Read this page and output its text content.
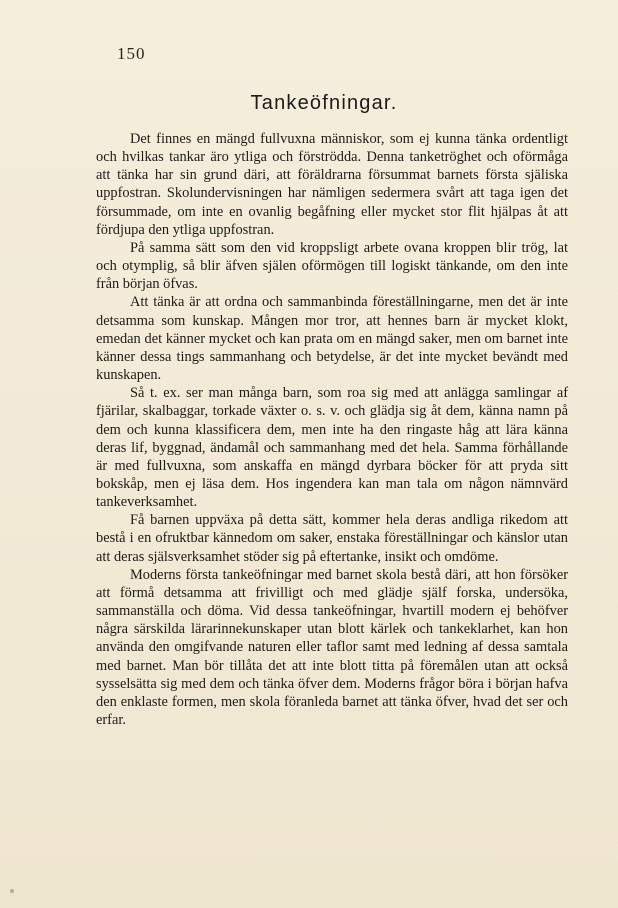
150
Tankeöfningar.

Det finnes en mängd fullvuxna människor, som ej kunna tänka ordentligt och hvilkas tankar äro ytliga och förströdda. Denna tanketröghet och oförmåga att tänka har sin grund däri, att föräldrarna försummat barnets första själiska uppfostran. Skolundervisningen har nämligen sedermera svårt att taga igen det försummade, om inte en ovanlig begåfning eller mycket stor flit hjälpas åt att fördjupa den ytliga uppfostran.

På samma sätt som den vid kroppsligt arbete ovana kroppen blir trög, lat och otymplig, så blir äfven själen oförmögen till logiskt tänkande, om den inte från början öfvas.

Att tänka är att ordna och sammanbinda föreställningarne, men det är inte detsamma som kunskap. Mången mor tror, att hennes barn är mycket klokt, emedan det känner mycket och kan prata om en mängd saker, men om barnet inte känner dessa tings sammanhang och betydelse, är det inte mycket bevändt med kunskapen.

Så t. ex. ser man många barn, som roa sig med att anlägga samlingar af fjärilar, skalbaggar, torkade växter o. s. v. och glädja sig åt dem, känna namn på dem och kunna klassificera dem, men inte ha den ringaste håg att lära känna deras lif, byggnad, ändamål och sammanhang med det hela. Samma förhållande är med fullvuxna, som anskaffa en mängd dyrbara böcker för att pryda sitt bokskåp, men ej läsa dem. Hos ingendera kan man tala om någon nämnvärd tankeverksamhet.

Få barnen uppväxa på detta sätt, kommer hela deras andliga rikedom att bestå i en ofruktbar kännedom om saker, enstaka föreställningar och känslor utan att deras själsverksamhet stöder sig på eftertanke, insikt och omdöme.

Moderns första tankeöfningar med barnet skola bestå däri, att hon försöker att förmå detsamma att frivilligt och med glädje själf forska, undersöka, sammanställa och döma. Vid dessa tankeöfningar, hvartill modern ej behöfver några särskilda lärarinnekunskaper utan blott kärlek och tankeklarhet, kan hon använda den omgifvande naturen eller taflor samt med ledning af dessa samtala med barnet. Man bör tillåta det att inte blott titta på föremålen utan att också sysselsätta sig med dem och tänka öfver dem. Moderns frågor böra i början hafva den enklaste formen, men skola föranleda barnet att tänka öfver, hvad det ser och erfar.
